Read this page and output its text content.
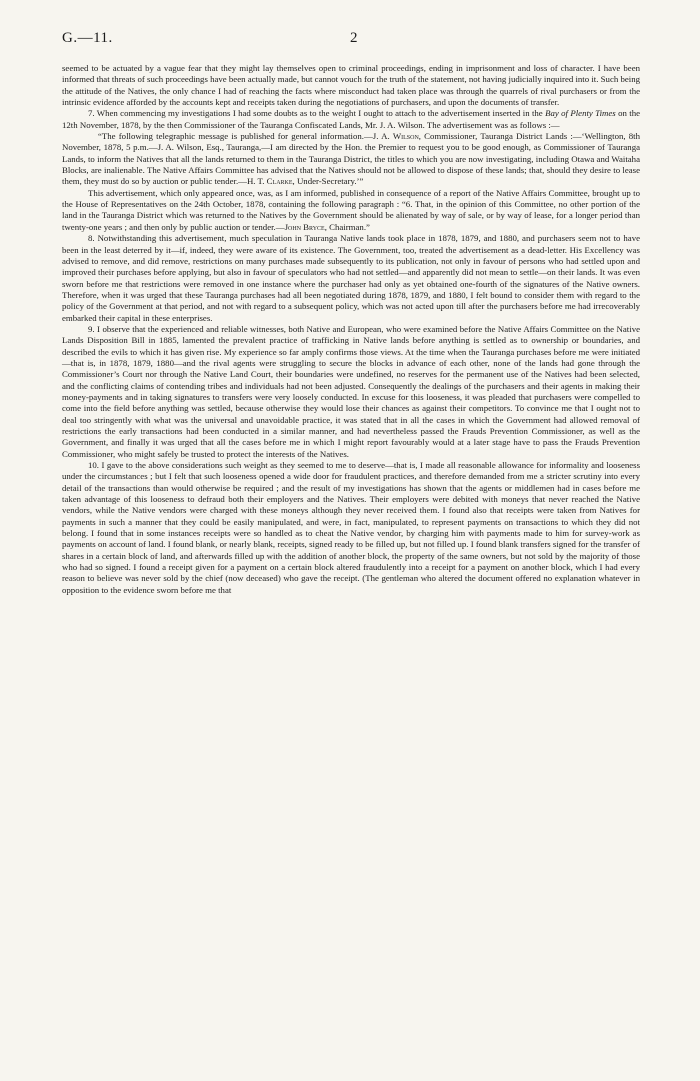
G.—11.	2

seemed to be actuated by a vague fear that they might lay themselves open to criminal proceedings, ending in imprisonment and loss of character. I have been informed that threats of such proceedings have been actually made, but cannot vouch for the truth of the statement, not having judicially inquired into it. Such being the attitude of the Natives, the only chance I had of reaching the facts where misconduct had taken place was through the quarrels of rival purchasers or from the intrinsic evidence afforded by the accounts kept and receipts taken during the negotiations of purchasers, and upon the documents of transfer.

7. When commencing my investigations I had some doubts as to the weight I ought to attach to the advertisement inserted in the Bay of Plenty Times on the 12th November, 1878, by the then Commissioner of the Tauranga Confiscated Lands, Mr. J. A. Wilson. The advertisement was as follows :—

“The following telegraphic message is published for general information.—J. A. Wilson, Commissioner, Tauranga District Lands :—‘Wellington, 8th November, 1878, 5 p.m.—J. A. Wilson, Esq., Tauranga,—I am directed by the Hon. the Premier to request you to be good enough, as Commissioner of Tauranga Lands, to inform the Natives that all the lands returned to them in the Tauranga District, the titles to which you are now investigating, including Otawa and Waitaha Blocks, are inalienable. The Native Affairs Committee has advised that the Natives should not be allowed to dispose of these lands; that, should they desire to lease them, they must do so by auction or public tender.—H. T. Clarke, Under-Secretary.’”

This advertisement, which only appeared once, was, as I am informed, published in consequence of a report of the Native Affairs Committee, brought up to the House of Representatives on the 24th October, 1878, containing the following paragraph : “6. That, in the opinion of this Committee, no other portion of the land in the Tauranga District which was returned to the Natives by the Government should be alienated by way of sale, or by way of lease, for a longer period than twenty-one years ; and then only by public auction or tender.—John Bryce, Chairman.”

8. Notwithstanding this advertisement, much speculation in Tauranga Native lands took place in 1878, 1879, and 1880, and purchasers seem not to have been in the least deterred by it—if, indeed, they were aware of its existence. The Government, too, treated the advertisement as a dead-letter. His Excellency was advised to remove, and did remove, restrictions on many purchases made subsequently to its publication, not only in favour of persons who had settled upon and improved their purchases before applying, but also in favour of speculators who had not settled—and apparently did not mean to settle—on their lands. It was even sworn before me that restrictions were removed in one instance where the purchaser had only as yet obtained one-fourth of the signatures of the Native owners. Therefore, when it was urged that these Tauranga purchases had all been negotiated during 1878, 1879, and 1880, I felt bound to consider them with regard to the policy of the Government at that period, and not with regard to a subsequent policy, which was not acted upon till after the purchasers before me had irrecoverably embarked their capital in these enterprises.

9. I observe that the experienced and reliable witnesses, both Native and European, who were examined before the Native Affairs Committee on the Native Lands Disposition Bill in 1885, lamented the prevalent practice of trafficking in Native lands before anything is settled as to ownership or boundaries, and described the evils to which it has given rise. My experience so far amply confirms those views. At the time when the Tauranga purchases before me were initiated—that is, in 1878, 1879, 1880—and the rival agents were struggling to secure the blocks in advance of each other, none of the lands had gone through the Commissioner’s Court nor through the Native Land Court, their boundaries were undefined, no reserves for the permanent use of the Natives had been selected, and the conflicting claims of contending tribes and individuals had not been adjusted. Consequently the dealings of the purchasers and their agents in making their money-payments and in taking signatures to transfers were very loosely conducted. In excuse for this looseness, it was pleaded that purchasers were compelled to come into the field before anything was settled, because otherwise they would lose their chances as against their competitors. To convince me that I ought not to deal too stringently with what was the universal and unavoidable practice, it was stated that in all the cases in which the Government had allowed removal of restrictions the early transactions had been conducted in a similar manner, and had nevertheless passed the Frauds Prevention Commissioner, as well as the Government, and finally it was urged that all the cases before me in which I might report favourably would at a later stage have to pass the Frauds Prevention Commissioner, who might safely be trusted to protect the interests of the Natives.

10. I gave to the above considerations such weight as they seemed to me to deserve—that is, I made all reasonable allowance for informality and looseness under the circumstances ; but I felt that such looseness opened a wide door for fraudulent practices, and therefore demanded from me a stricter scrutiny into every detail of the transactions than would otherwise be required ; and the result of my investigations has shown that the agents or middlemen had in cases before me taken advantage of this looseness to defraud both their employers and the Natives. Their employers were debited with moneys that never reached the Native vendors, while the Native vendors were charged with these moneys although they never received them. I found also that receipts were taken from Natives for payments in such a manner that they could be easily manipulated, and were, in fact, manipulated, to represent payments on transactions to which they did not belong. I found that in some instances receipts were so handled as to cheat the Native vendor, by charging him with payments made to him for survey-work as payments on account of land. I found blank, or nearly blank, receipts, signed ready to be filled up, but not filled up. I found blank transfers signed for the transfer of shares in a certain block of land, and afterwards filled up with the addition of another block, the property of the same owners, but not sold by the majority of those who had so signed. I found a receipt given for a payment on a certain block altered fraudulently into a receipt for a payment on another block, which I had every reason to believe was never sold by the chief (now deceased) who gave the receipt. (The gentleman who altered the document offered no explanation whatever in opposition to the evidence sworn before me that
